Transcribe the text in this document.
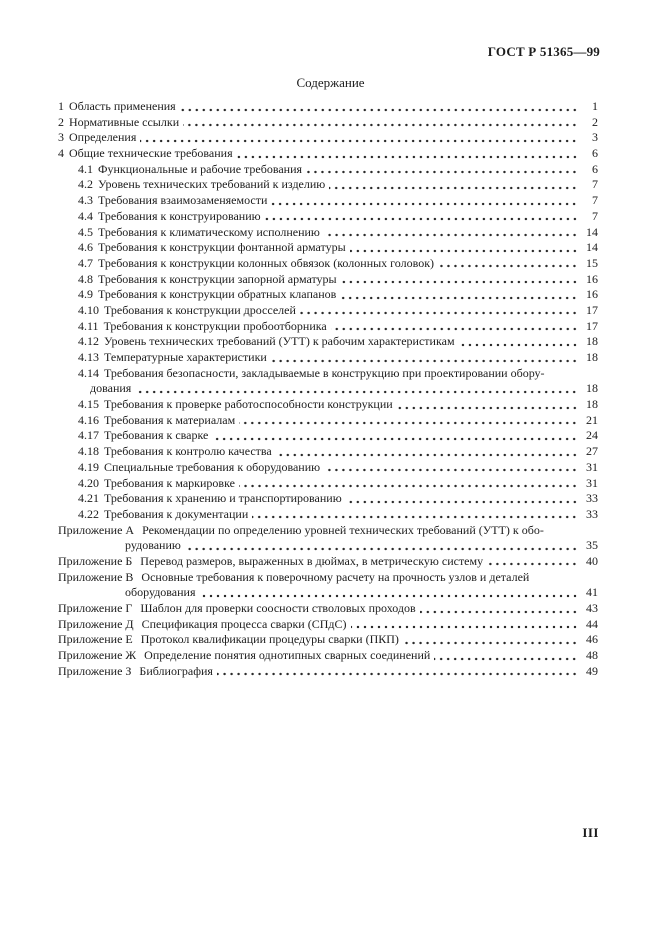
ГОСТ Р 51365—99
Содержание
1 Область применения	1
2 Нормативные ссылки	2
3 Определения	3
4 Общие технические требования	6
4.1 Функциональные и рабочие требования	6
4.2 Уровень технических требований к изделию	7
4.3 Требования взаимозаменяемости	7
4.4 Требования к конструированию	7
4.5 Требования к климатическому исполнению	14
4.6 Требования к конструкции фонтанной арматуры	14
4.7 Требования к конструкции колонных обвязок (колонных головок)	15
4.8 Требования к конструкции запорной арматуры	16
4.9 Требования к конструкции обратных клапанов	16
4.10 Требования к конструкции дросселей	17
4.11 Требования к конструкции пробоотборника	17
4.12 Уровень технических требований (УТТ) к рабочим характеристикам	18
4.13 Температурные характеристики	18
4.14 Требования безопасности, закладываемые в конструкцию при проектировании обору-
дования	18
4.15 Требования к проверке работоспособности конструкции	18
4.16 Требования к материалам	21
4.17 Требования к сварке	24
4.18 Требования к контролю качества	27
4.19 Специальные требования к оборудованию	31
4.20 Требования к маркировке	31
4.21 Требования к хранению и транспортированию	33
4.22 Требования к документации	33
Приложение А Рекомендации по определению уровней технических требований (УТТ) к обо-
рудованию	35
Приложение Б Перевод размеров, выраженных в дюймах, в метрическую систему	40
Приложение В Основные требования к поверочному расчету на прочность узлов и деталей
оборудования	41
Приложение Г Шаблон для проверки соосности стволовых проходов	43
Приложение Д Спецификация процесса сварки (СПдС)	44
Приложение Е Протокол квалификации процедуры сварки (ПКП)	46
Приложение Ж Определение понятия однотипных сварных соединений	48
Приложение З Библиография	49
III
